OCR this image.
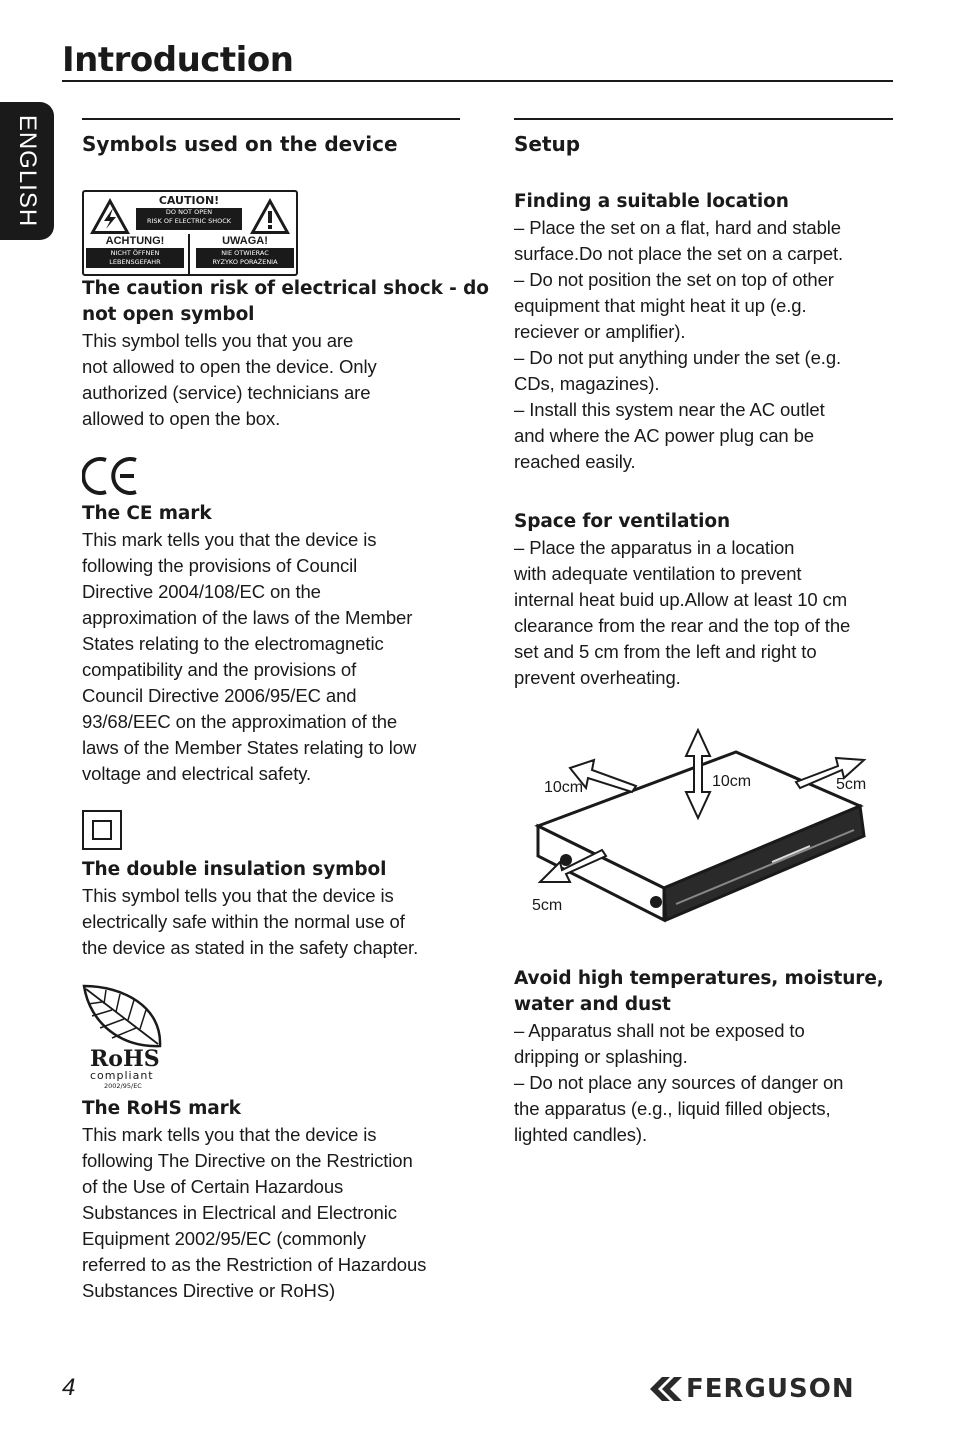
Introduction
ENGLISH Symbols used on the device
CAUTION!
DO NOT OPEN
RISK OF ELECTRIC SHOCK
ACHTUNG!
NICHT ÖFFNEN
LEBENSGEFAHR
UWAGA!
NIE OTWIERAC
RYZYKO PORAŻENIA

The caution risk of electrical shock - do
not open symbol

This symbol tells you that you are
not allowed to open the device. Only
authorized (service) technicians are
allowed to open the box.

The CE mark

This mark tells you that the device is
following the provisions of Council
Directive 2004/108/EC on the
approximation of the laws of the Member
States relating to the electromagnetic
compatibility and the provisions of
Council Directive 2006/95/EC and
93/68/EEC on the approximation of the
laws of the Member States relating to low
voltage and electrical safety.

The double insulation symbol

This symbol tells you that the device is
electrically safe within the normal use of
the device as stated in the safety chapter.

RoHS
compliant
2002/95/EC

The RoHS mark

This mark tells you that the device is
following The Directive on the Restriction
of the Use of Certain Hazardous
Substances in Electrical and Electronic
Equipment 2002/95/EC (commonly
referred to as the Restriction of Hazardous
Substances Directive or RoHS)

Setup

Finding a suitable location

– Place the set on a flat, hard and stable
surface.Do not place the set on a carpet.
– Do not position the set on top of other
equipment that might heat it up (e.g.
reciever or amplifier).
– Do not put anything under the set (e.g.
CDs, magazines).
– Install this system near the AC outlet
and where the AC power plug can be
reached easily.

Space for ventilation

– Place the apparatus in a location
with adequate ventilation to prevent
internal heat buid up.Allow at least 10 cm
clearance from the rear and the top of the
set and 5 cm from the left and right to
prevent overheating.

Avoid high temperatures, moisture,
water and dust

– Apparatus shall not be exposed to
dripping or splashing.
– Do not place any sources of danger on
the apparatus (e.g., liquid filled objects,
lighted candles).

10cm	10cm	5cm
5cm
4	FERGUSON
